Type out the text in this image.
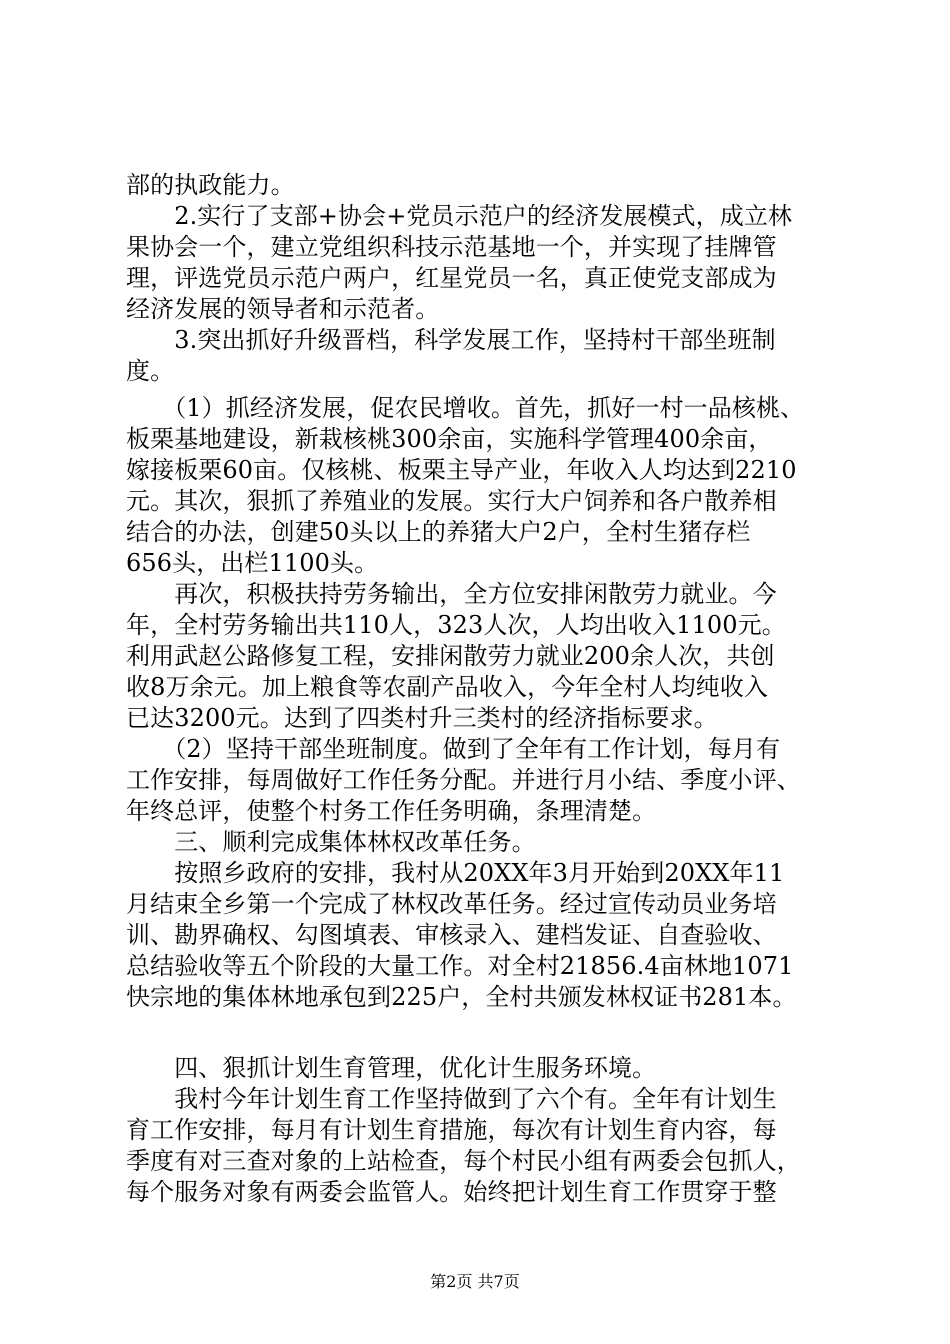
部的执政能力。
　　2.实行了支部+协会+党员示范户的经济发展模式，成立林
果协会一个，建立党组织科技示范基地一个，并实现了挂牌管
理，评选党员示范户两户，红星党员一名，真正使党支部成为
经济发展的领导者和示范者。
　　3.突出抓好升级晋档，科学发展工作，坚持村干部坐班制
度。
　　（1）抓经济发展，促农民增收。首先，抓好一村一品核桃、
板栗基地建设，新栽核桃300余亩，实施科学管理400余亩，
嫁接板栗60亩。仅核桃、板栗主导产业，年收入人均达到2210
元。其次，狠抓了养殖业的发展。实行大户饲养和各户散养相
结合的办法，创建50头以上的养猪大户2户，全村生猪存栏
656头，出栏1100头。
　　再次，积极扶持劳务输出，全方位安排闲散劳力就业。今
年，全村劳务输出共110人，323人次，人均出收入1100元。
利用武赵公路修复工程，安排闲散劳力就业200余人次，共创
收8万余元。加上粮食等农副产品收入，今年全村人均纯收入
已达3200元。达到了四类村升三类村的经济指标要求。
　　（2）坚持干部坐班制度。做到了全年有工作计划，每月有
工作安排，每周做好工作任务分配。并进行月小结、季度小评、
年终总评，使整个村务工作任务明确，条理清楚。
　　三、顺利完成集体林权改革任务。
　　按照乡政府的安排，我村从20XX年3月开始到20XX年11
月结束全乡第一个完成了林权改革任务。经过宣传动员业务培
训、勘界确权、勾图填表、审核录入、建档发证、自查验收、
总结验收等五个阶段的大量工作。对全村21856.4亩林地1071
快宗地的集体林地承包到225户，全村共颁发林权证书281本。
　　四、狠抓计划生育管理，优化计生服务环境。
　　我村今年计划生育工作坚持做到了六个有。全年有计划生
育工作安排，每月有计划生育措施，每次有计划生育内容，每
季度有对三查对象的上站检查，每个村民小组有两委会包抓人，
每个服务对象有两委会监管人。始终把计划生育工作贯穿于整
第2页 共7页
